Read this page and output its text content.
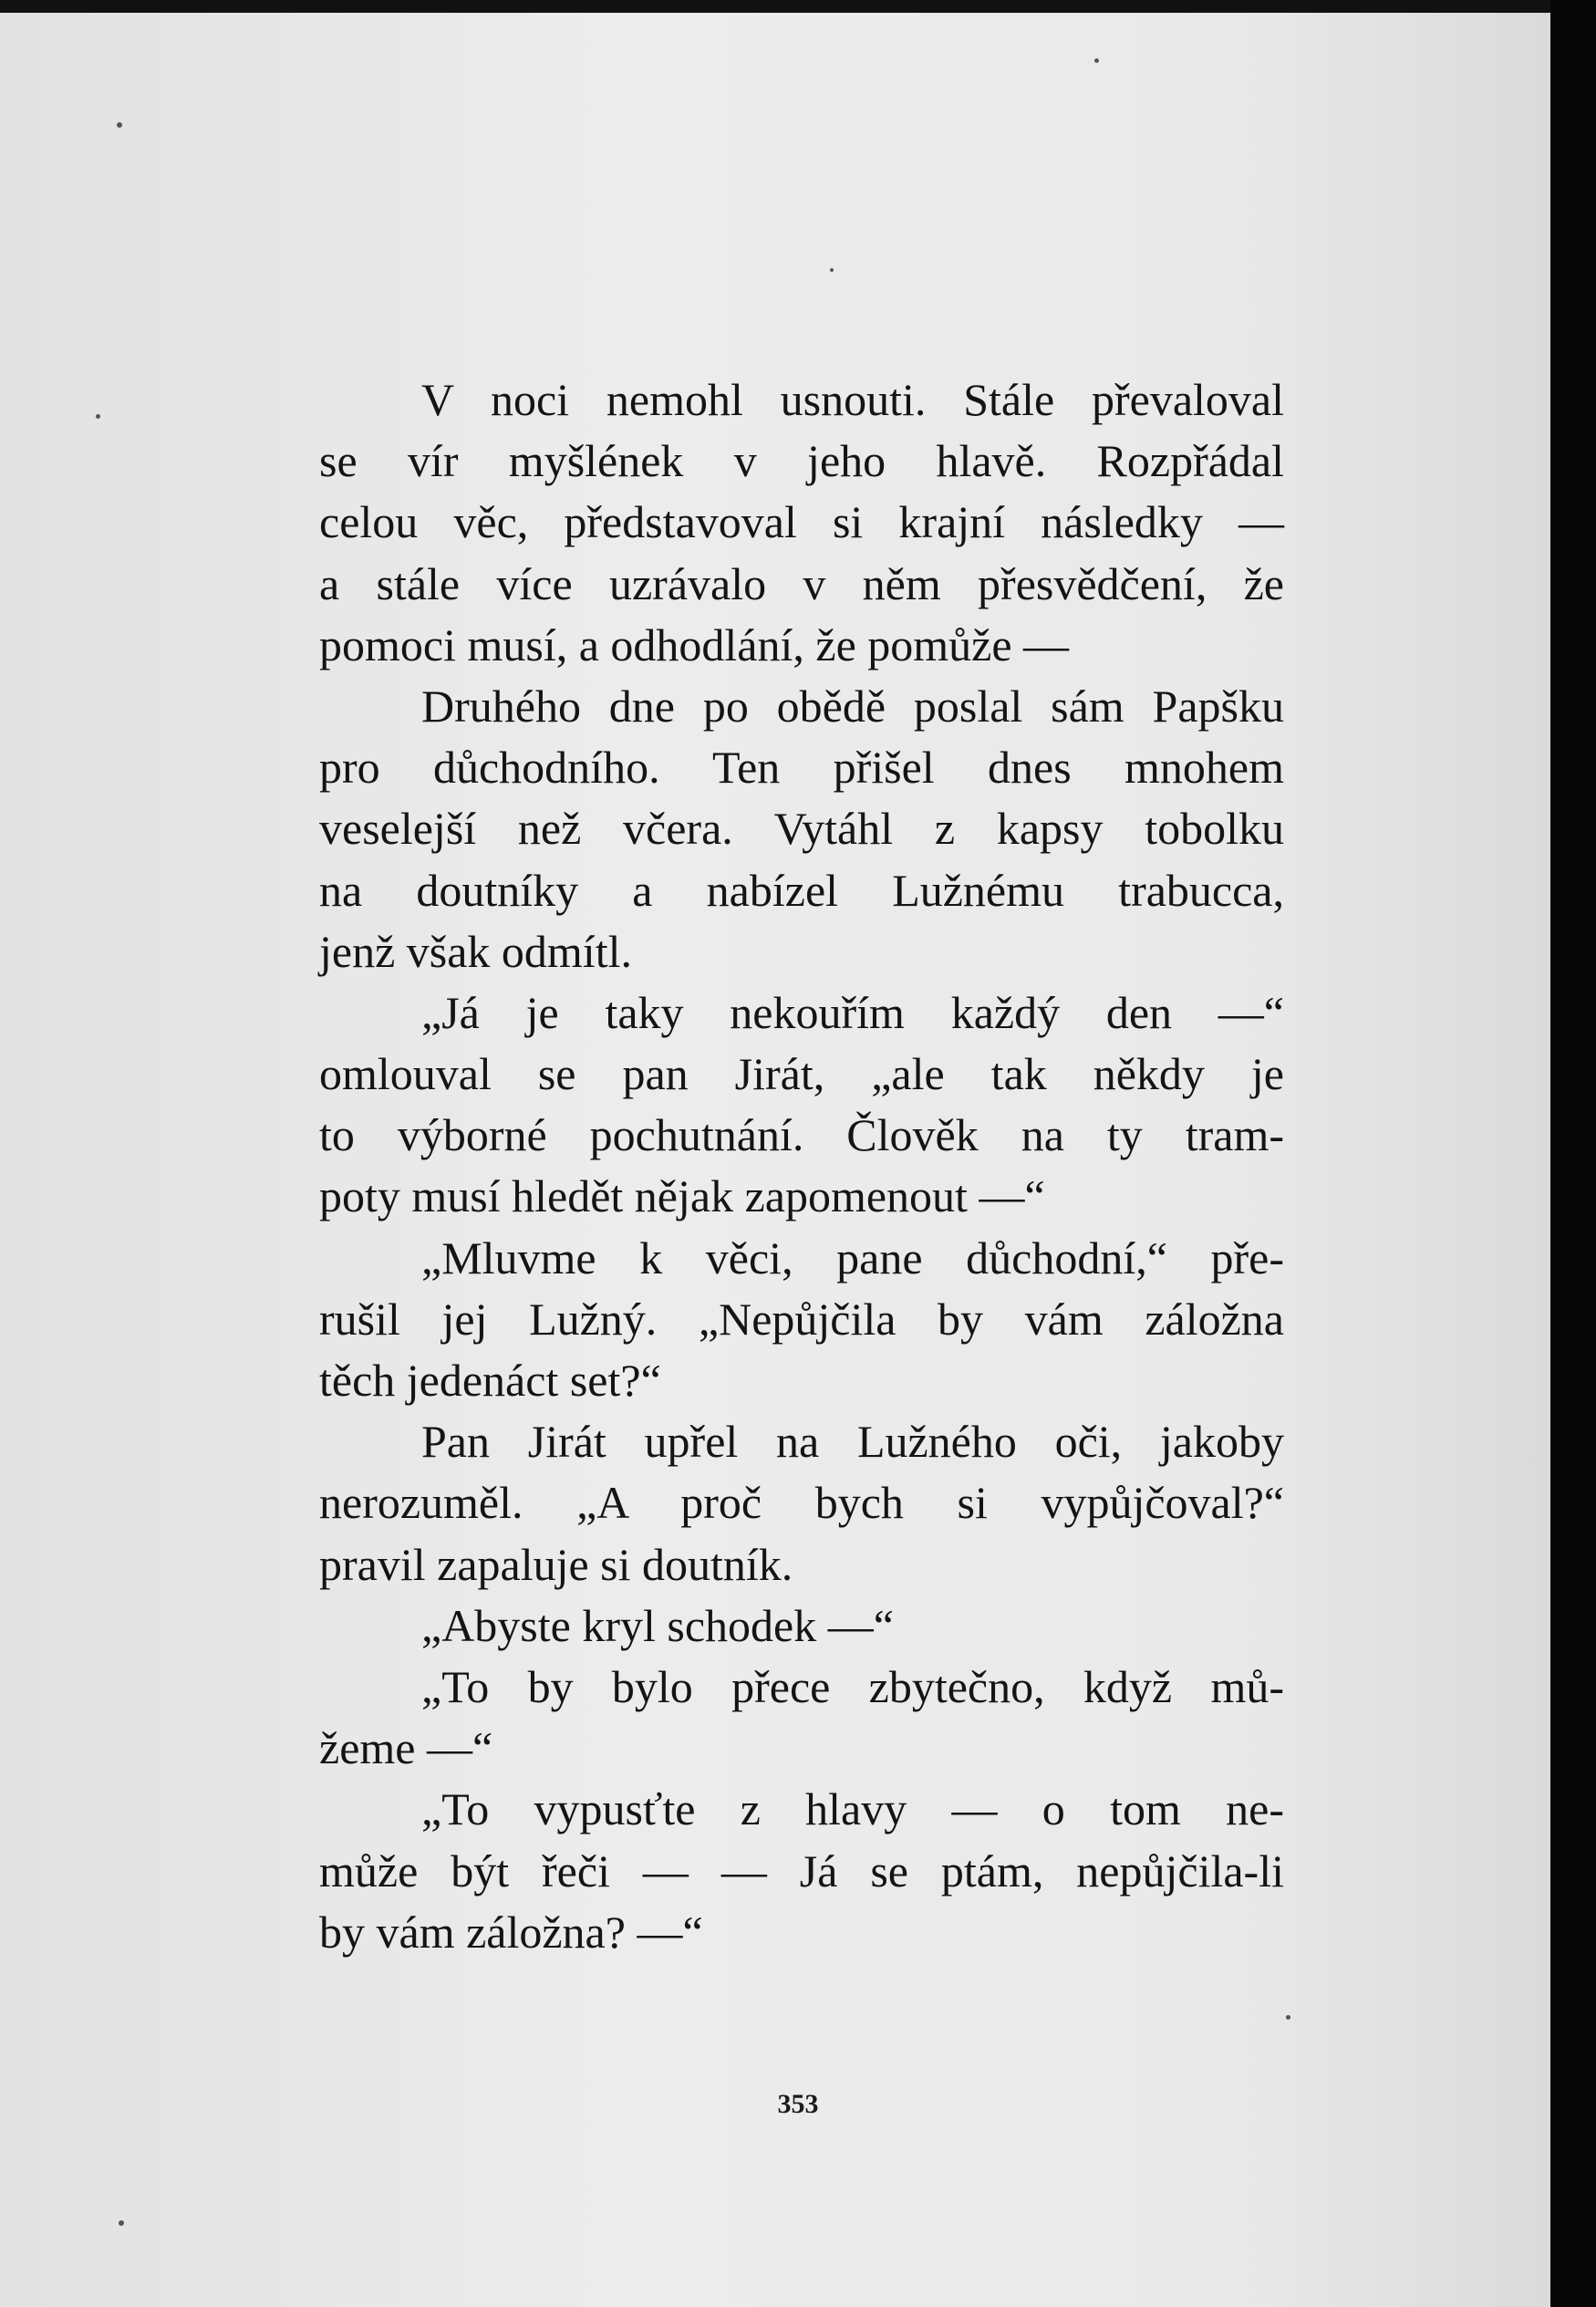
V noci nemohl usnouti. Stále převaloval
se vír myšlének v jeho hlavě. Rozpřádal
celou věc, představoval si krajní následky —
a stále více uzrávalo v něm přesvědčení, že
pomoci musí, a odhodlání, že pomůže —
Druhého dne po obědě poslal sám Papšku
pro důchodního. Ten přišel dnes mnohem
veselejší než včera. Vytáhl z kapsy tobolku
na doutníky a nabízel Lužnému trabucca,
jenž však odmítl.
„Já je taky nekouřím každý den —“
omlouval se pan Jirát, „ale tak někdy je
to výborné pochutnání. Člověk na ty tram-
poty musí hledět nějak zapomenout —“
„Mluvme k věci, pane důchodní,“ pře-
rušil jej Lužný. „Nepůjčila by vám záložna
těch jedenáct set?“
Pan Jirát upřel na Lužného oči, jakoby
nerozuměl. „A proč bych si vypůjčoval?“
pravil zapaluje si doutník.
„Abyste kryl schodek —“
„To by bylo přece zbytečno, když mů-
žeme —“
„To vypusťte z hlavy — o tom ne-
může být řeči — — Já se ptám, nepůjčila-li
by vám záložna? —“
353
